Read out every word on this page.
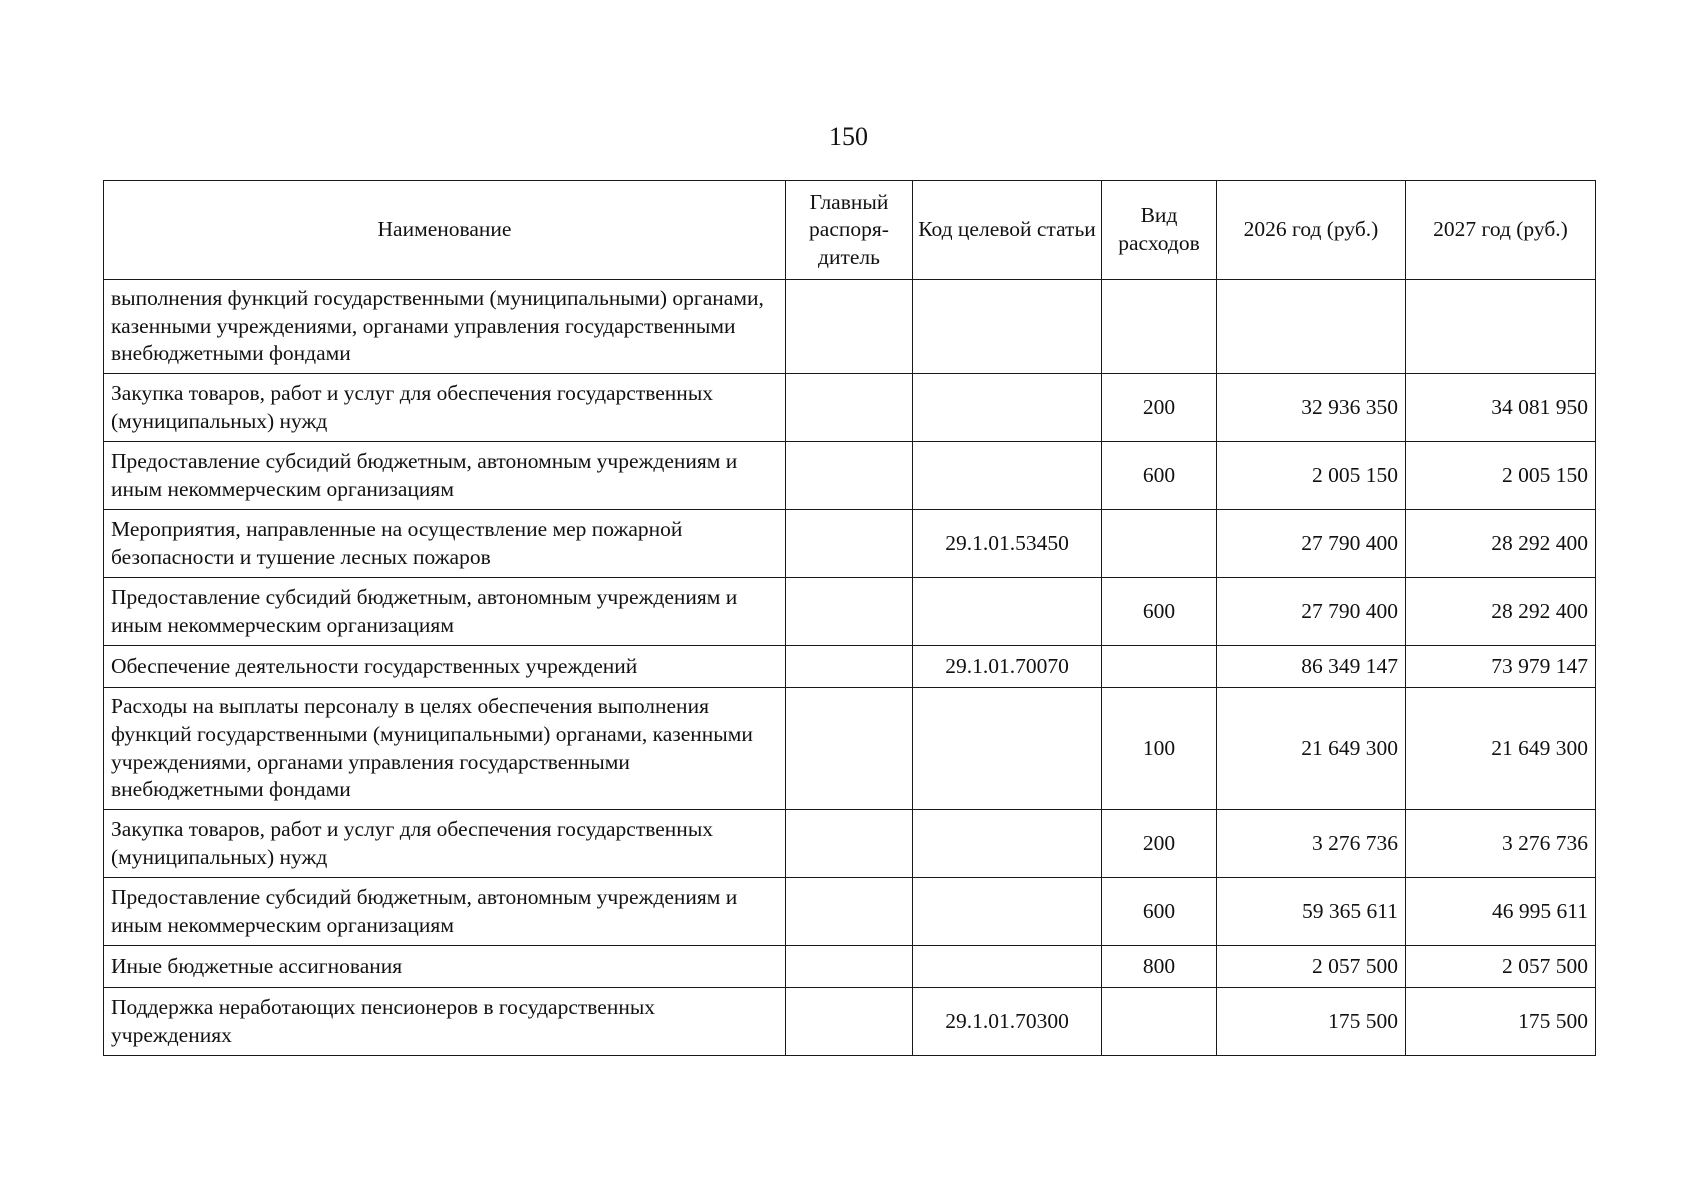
150
Наименование	Главный распоря-дитель	Код целевой статьи	Вид расходов	2026 год (руб.)	2027 год (руб.)
выполнения функций государственными (муниципальными) органами, казенными учреждениями, органами управления государственными внебюджетными фондами					
Закупка товаров, работ и услуг для обеспечения государственных (муниципальных) нужд			200	32 936 350	34 081 950
Предоставление субсидий бюджетным, автономным учреждениям и иным некоммерческим организациям			600	2 005 150	2 005 150
Мероприятия, направленные на осуществление мер пожарной безопасности и тушение лесных пожаров		29.1.01.53450		27 790 400	28 292 400
Предоставление субсидий бюджетным, автономным учреждениям и иным некоммерческим организациям			600	27 790 400	28 292 400
Обеспечение деятельности государственных учреждений		29.1.01.70070		86 349 147	73 979 147
Расходы на выплаты персоналу в целях обеспечения выполнения функций государственными (муниципальными) органами, казенными учреждениями, органами управления государственными внебюджетными фондами			100	21 649 300	21 649 300
Закупка товаров, работ и услуг для обеспечения государственных (муниципальных) нужд			200	3 276 736	3 276 736
Предоставление субсидий бюджетным, автономным учреждениям и иным некоммерческим организациям			600	59 365 611	46 995 611
Иные бюджетные ассигнования			800	2 057 500	2 057 500
Поддержка неработающих пенсионеров в государственных учреждениях		29.1.01.70300		175 500	175 500
